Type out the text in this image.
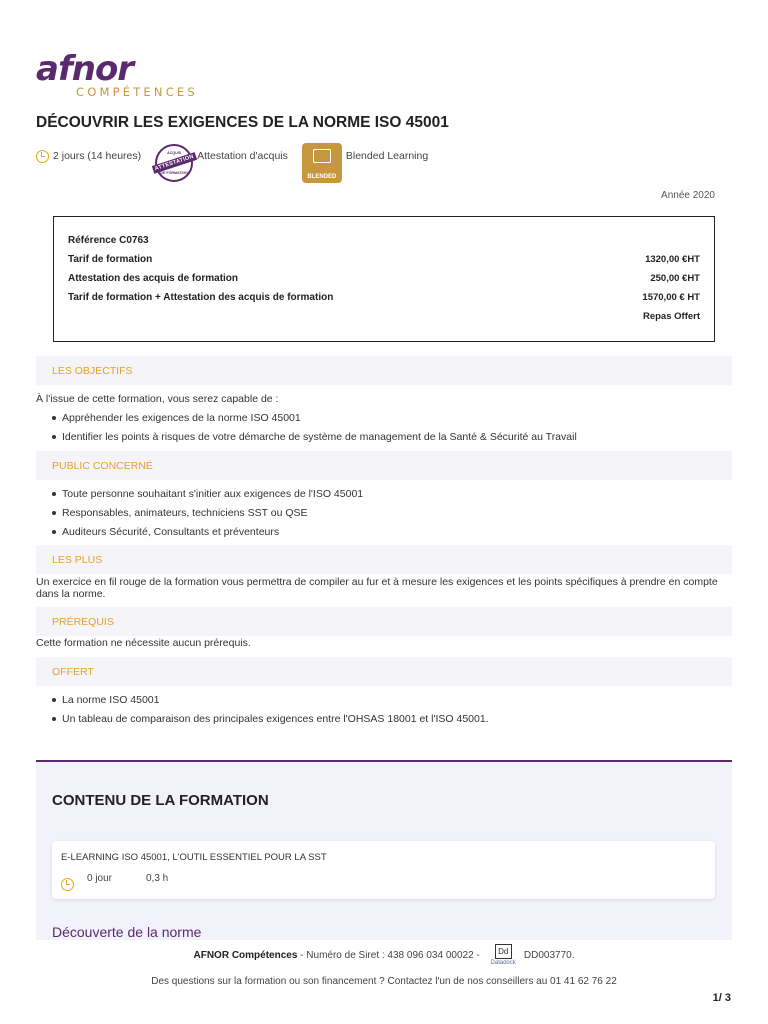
afnor
COMPÉTENCES
DÉCOUVRIR LES EXIGENCES DE LA NORME ISO 45001
2 jours (14 heures)	ACQUIS
ATTESTATION
DE FORMATION
Attestation d'acquis
BLENDED
Blended Learning
Année 2020
Référence C0763
Tarif de formation	1320,00 €HT
Attestation des acquis de formation	250,00 €HT
Tarif de formation + Attestation des acquis de formation	1570,00 € HT
Repas Offert
LES OBJECTIFS
À l'issue de cette formation, vous serez capable de :
Appréhender les exigences de la norme ISO 45001
Identifier les points à risques de votre démarche de système de management de la Santé & Sécurité au Travail
PUBLIC CONCERNÉ
Toute personne souhaitant s'initier aux exigences de l'ISO 45001
Responsables, animateurs, techniciens SST ou QSE
Auditeurs Sécurité, Consultants et préventeurs
LES PLUS
Un exercice en fil rouge de la formation vous permettra de compiler au fur et à mesure les exigences et les points spécifiques à prendre en compte dans la norme.
PRÉREQUIS
Cette formation ne nécessite aucun prérequis.
OFFERT
La norme ISO 45001
Un tableau de comparaison des principales exigences entre l'OHSAS 18001 et l'ISO 45001.
CONTENU DE LA FORMATION
E-LEARNING ISO 45001, L'OUTIL ESSENTIEL POUR LA SST
0 jour	0,3 h
Découverte de la norme
AFNOR Compétences - Numéro de Siret : 438 096 034 00022 -	Dd
Datadock
DD003770.
Des questions sur la formation ou son financement ? Contactez l'un de nos conseillers au 01 41 62 76 22
1/ 3
